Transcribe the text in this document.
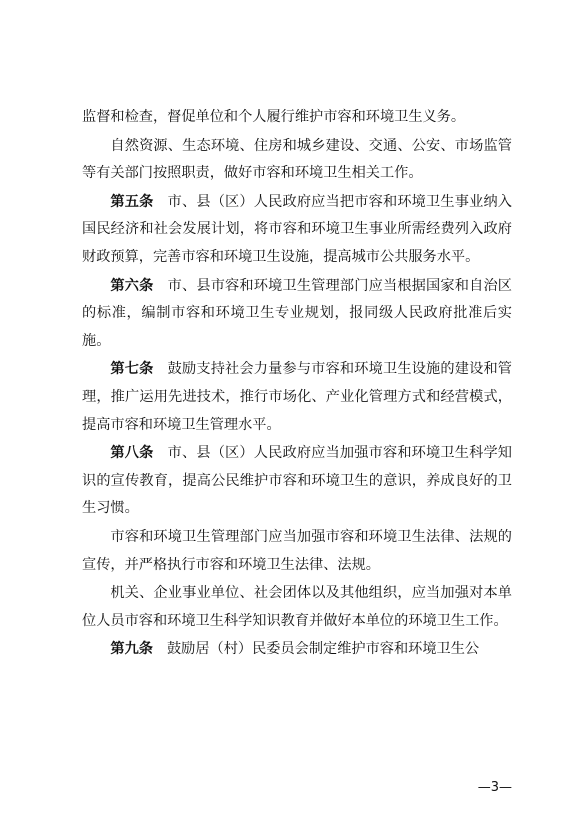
监督和检查，督促单位和个人履行维护市容和环境卫生义务。

自然资源、生态环境、住房和城乡建设、交通、公安、市场监管等有关部门按照职责，做好市容和环境卫生相关工作。

第五条 市、县（区）人民政府应当把市容和环境卫生事业纳入国民经济和社会发展计划，将市容和环境卫生事业所需经费列入政府财政预算，完善市容和环境卫生设施，提高城市公共服务水平。

第六条 市、县市容和环境卫生管理部门应当根据国家和自治区的标准，编制市容和环境卫生专业规划，报同级人民政府批准后实施。

第七条 鼓励支持社会力量参与市容和环境卫生设施的建设和管理，推广运用先进技术，推行市场化、产业化管理方式和经营模式，提高市容和环境卫生管理水平。

第八条 市、县（区）人民政府应当加强市容和环境卫生科学知识的宣传教育，提高公民维护市容和环境卫生的意识，养成良好的卫生习惯。

市容和环境卫生管理部门应当加强市容和环境卫生法律、法规的宣传，并严格执行市容和环境卫生法律、法规。

机关、企业事业单位、社会团体以及其他组织，应当加强对本单位人员市容和环境卫生科学知识教育并做好本单位的环境卫生工作。

第九条 鼓励居（村）民委员会制定维护市容和环境卫生公

—3—
